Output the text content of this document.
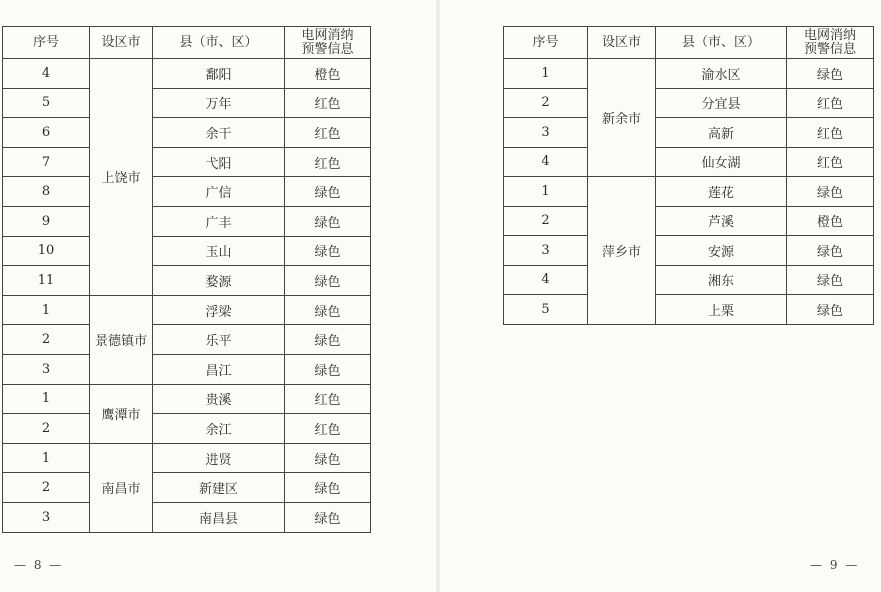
序号	设区市	县（市、区）	电网消纳
预警信息

4	上饶市	鄱阳	橙色
5		万年	红色
6		余干	红色
7		弋阳	红色
8		广信	绿色
9		广丰	绿色
10		玉山	绿色
11		婺源	绿色
1	景德镇市	浮梁	绿色
2		乐平	绿色
3		昌江	绿色
1	鹰潭市	贵溪	红色
2		余江	红色
1	南昌市	进贤	绿色
2		新建区	绿色
3		南昌县	绿色
— 8 —
序号	设区市	县（市、区）	电网消纳
预警信息

1	新余市	渝水区	绿色
2		分宜县	红色
3		高新	红色
4		仙女湖	红色
1	萍乡市	莲花	绿色
2		芦溪	橙色
3		安源	绿色
4		湘东	绿色
5		上栗	绿色
— 9 —
